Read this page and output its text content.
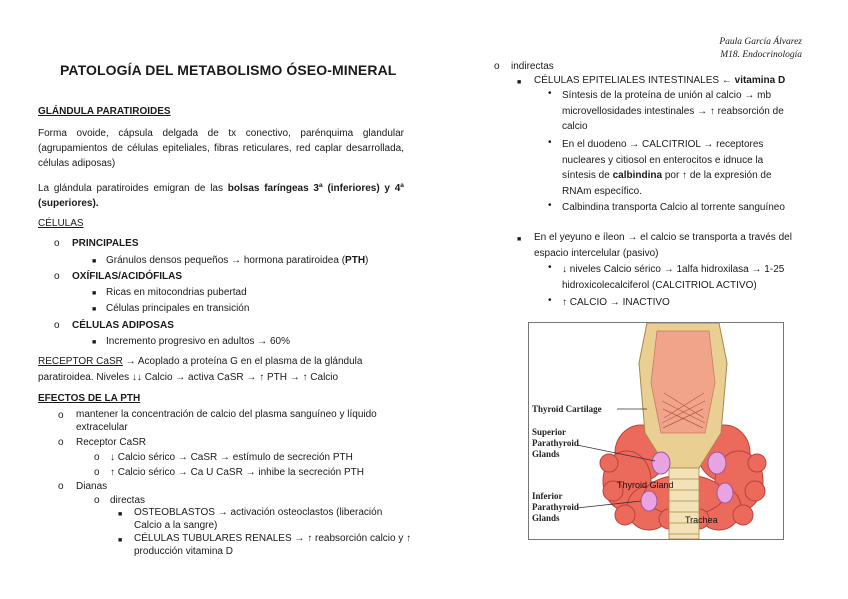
Paula García Álvarez
M18. Endocrinología
PATOLOGÍA DEL METABOLISMO ÓSEO-MINERAL
GLÁNDULA PARATIROIDES
Forma ovoide, cápsula delgada de tx conectivo, parénquima glandular (agrupamientos de células epiteliales, fibras reticulares, red caplar desarrollada, células adiposas)
La glándula paratiroides emigran de las bolsas faríngeas 3ª (inferiores) y 4ª (superiores).
CÉLULAS
o PRINCIPALES
■ Gránulos densos pequeños → hormona paratiroidea (PTH)
o OXÍFILAS/ACIDÓFILAS
■ Ricas en mitocondrias pubertad
■ Células principales en transición
o CÉLULAS ADIPOSAS
■ Incremento progresivo en adultos → 60%
RECEPTOR CaSR → Acoplado a proteína G en el plasma de la glándula
paratiroidea. Niveles ↓↓ Calcio → activa CaSR → ↑ PTH → ↑ Calcio
EFECTOS DE LA PTH
o mantener la concentración de calcio del plasma sanguíneo y líquido
extracelular
o Receptor CaSR
o ↓ Calcio sérico → CaSR → estímulo de secreción PTH
o ↑ Calcio sérico → Ca U CaSR → inhibe la secreción PTH
o Dianas
o directas
■ OSTEOBLASTOS → activación osteoclastos (liberación
Calcio a la sangre)
■ CÉLULAS TUBULARES RENALES → ↑ reabsorción calcio y ↑
producción vitamina D
o indirectas
■ CÉLULAS EPITELIALES INTESTINALES ← vitamina D
• Síntesis de la proteína de unión al calcio → mb
microvellosidades intestinales → ↑ reabsorción de
calcio
• En el duodeno → CALCITRIOL → receptores
nucleares y citiosol en enterocitos e idnuce la
síntesis de calbindina por ↑ de la expresión de
RNAm específico.
• Calbindina transporta Calcio al torrente sanguíneo
■ En el yeyuno e íleon → el calcio se transporta a través del
espacio intercelular (pasivo)
• ↓ niveles Calcio sérico → 1alfa hidroxilasa → 1-25
hidroxicolecalciferol (CALCITRIOL ACTIVO)
• ↑ CALCIO → INACTIVO
Thyroid Cartilage
Superior
Parathyroid
Glands
Inferior
Parathyroid
Glands
Thyroid Gland
Trachea
